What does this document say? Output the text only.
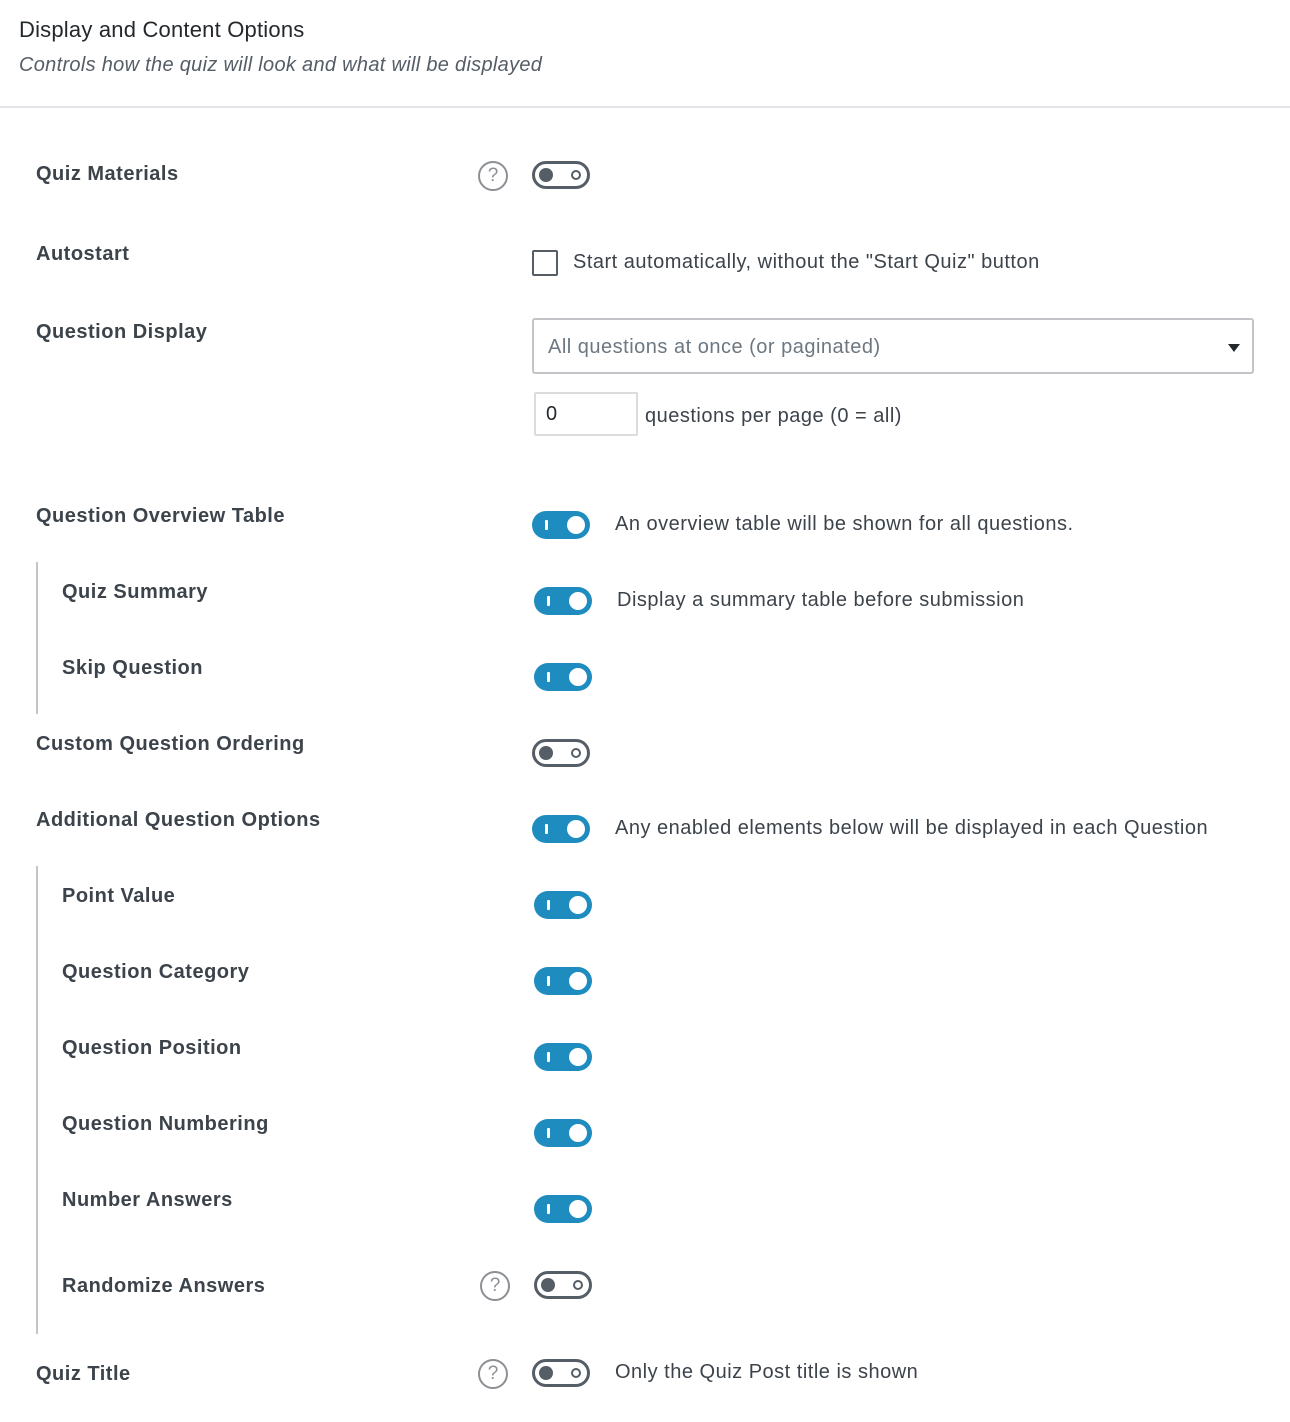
Display and Content Options
Controls how the quiz will look and what will be displayed
Quiz Materials	?
Autostart	Start automatically, without the "Start Quiz" button
Question Display
All questions at once (or paginated)
0
questions per page (0 = all)
Question Overview Table	An overview table will be shown for all questions.
Quiz Summary	Display a summary table before submission
Skip Question
Custom Question Ordering
Additional Question Options	Any enabled elements below will be displayed in each Question
Point Value
Question Category
Question Position
Question Numbering
Number Answers
Randomize Answers	?
Quiz Title	?	Only the Quiz Post title is shown
